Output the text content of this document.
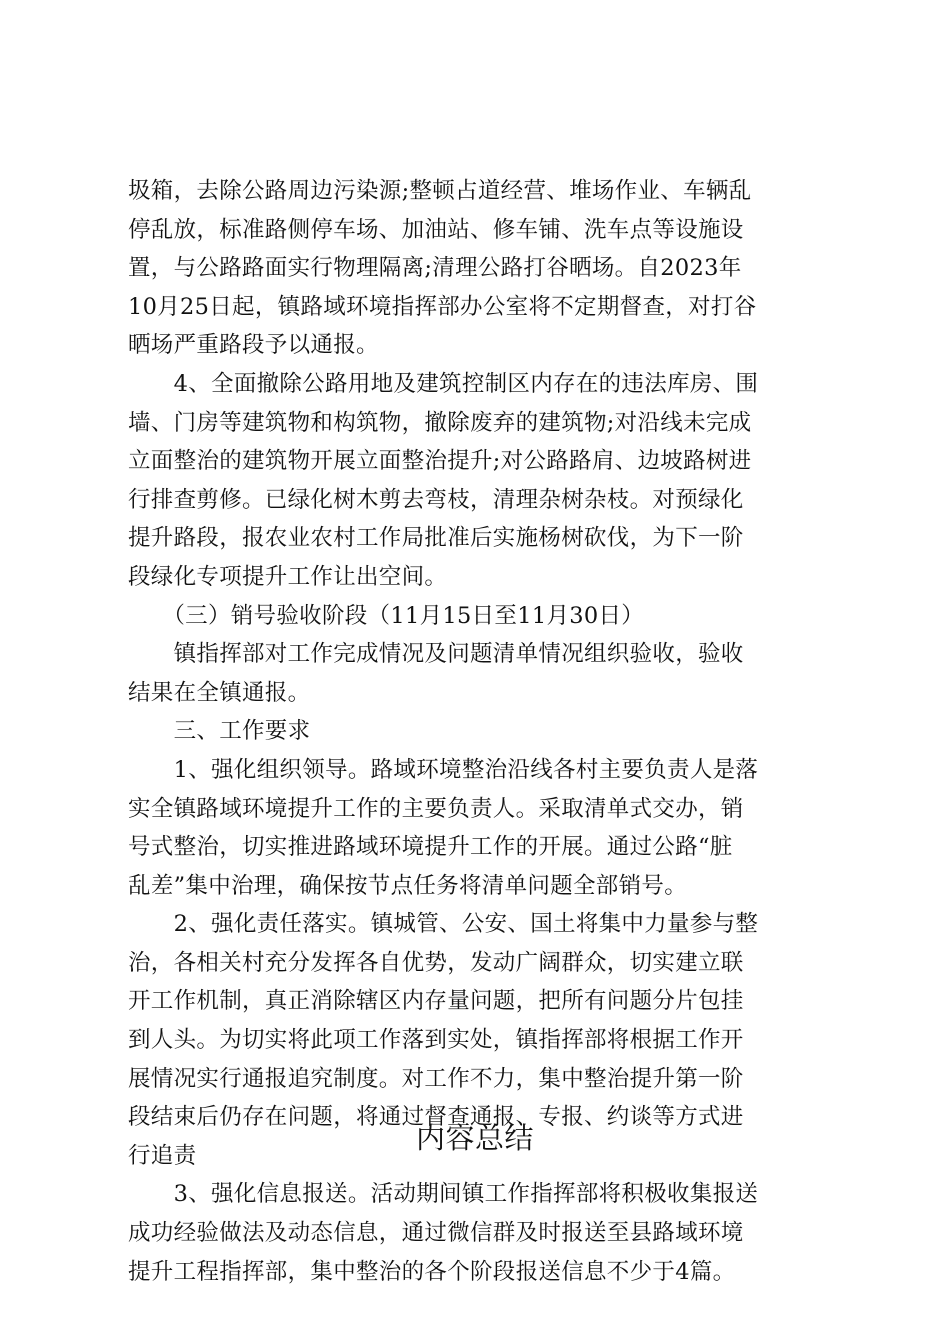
圾箱，去除公路周边污染源;整顿占道经营、堆场作业、车辆乱
停乱放，标准路侧停车场、加油站、修车铺、洗车点等设施设
置，与公路路面实行物理隔离;清理公路打谷晒场。自2023年
10月25日起，镇路域环境指挥部办公室将不定期督查，对打谷
晒场严重路段予以通报。
　　4、全面撤除公路用地及建筑控制区内存在的违法库房、围
墙、门房等建筑物和构筑物，撤除废弃的建筑物;对沿线未完成
立面整治的建筑物开展立面整治提升;对公路路肩、边坡路树进
行排查剪修。已绿化树木剪去弯枝，清理杂树杂枝。对预绿化
提升路段，报农业农村工作局批准后实施杨树砍伐，为下一阶
段绿化专项提升工作让出空间。
　　（三）销号验收阶段（11月15日至11月30日）
　　镇指挥部对工作完成情况及问题清单情况组织验收，验收
结果在全镇通报。
　　三、工作要求
　　1、强化组织领导。路域环境整治沿线各村主要负责人是落
实全镇路域环境提升工作的主要负责人。采取清单式交办，销
号式整治，切实推进路域环境提升工作的开展。通过公路“脏
乱差”集中治理，确保按节点任务将清单问题全部销号。
　　2、强化责任落实。镇城管、公安、国土将集中力量参与整
治，各相关村充分发挥各自优势，发动广阔群众，切实建立联
开工作机制，真正消除辖区内存量问题，把所有问题分片包挂
到人头。为切实将此项工作落到实处，镇指挥部将根据工作开
展情况实行通报追究制度。对工作不力，集中整治提升第一阶
段结束后仍存在问题，将通过督查通报、专报、约谈等方式进
行追责
　　3、强化信息报送。活动期间镇工作指挥部将积极收集报送
成功经验做法及动态信息，通过微信群及时报送至县路域环境
提升工程指挥部，集中整治的各个阶段报送信息不少于4篇。
内容总结
